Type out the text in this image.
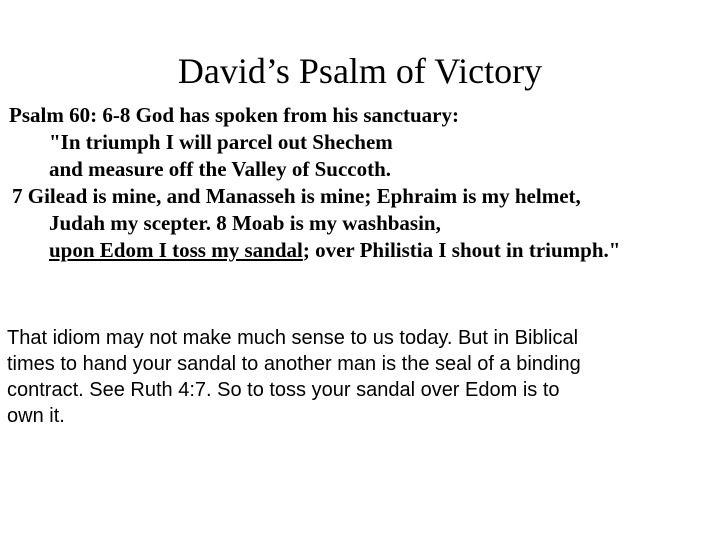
David’s Psalm of Victory
Psalm 60: 6-8 God has spoken from his sanctuary:
"In triumph I will parcel out Shechem
and measure off the Valley of Succoth.
7 Gilead is mine, and Manasseh is mine; Ephraim is my helmet,
Judah my scepter. 8 Moab is my washbasin,
upon Edom I toss my sandal; over Philistia I shout in triumph."
That idiom may not make much sense to us today. But in Biblical
times to hand your sandal to another man is the seal of a binding
contract. See Ruth 4:7. So to toss your sandal over Edom is to
own it.
